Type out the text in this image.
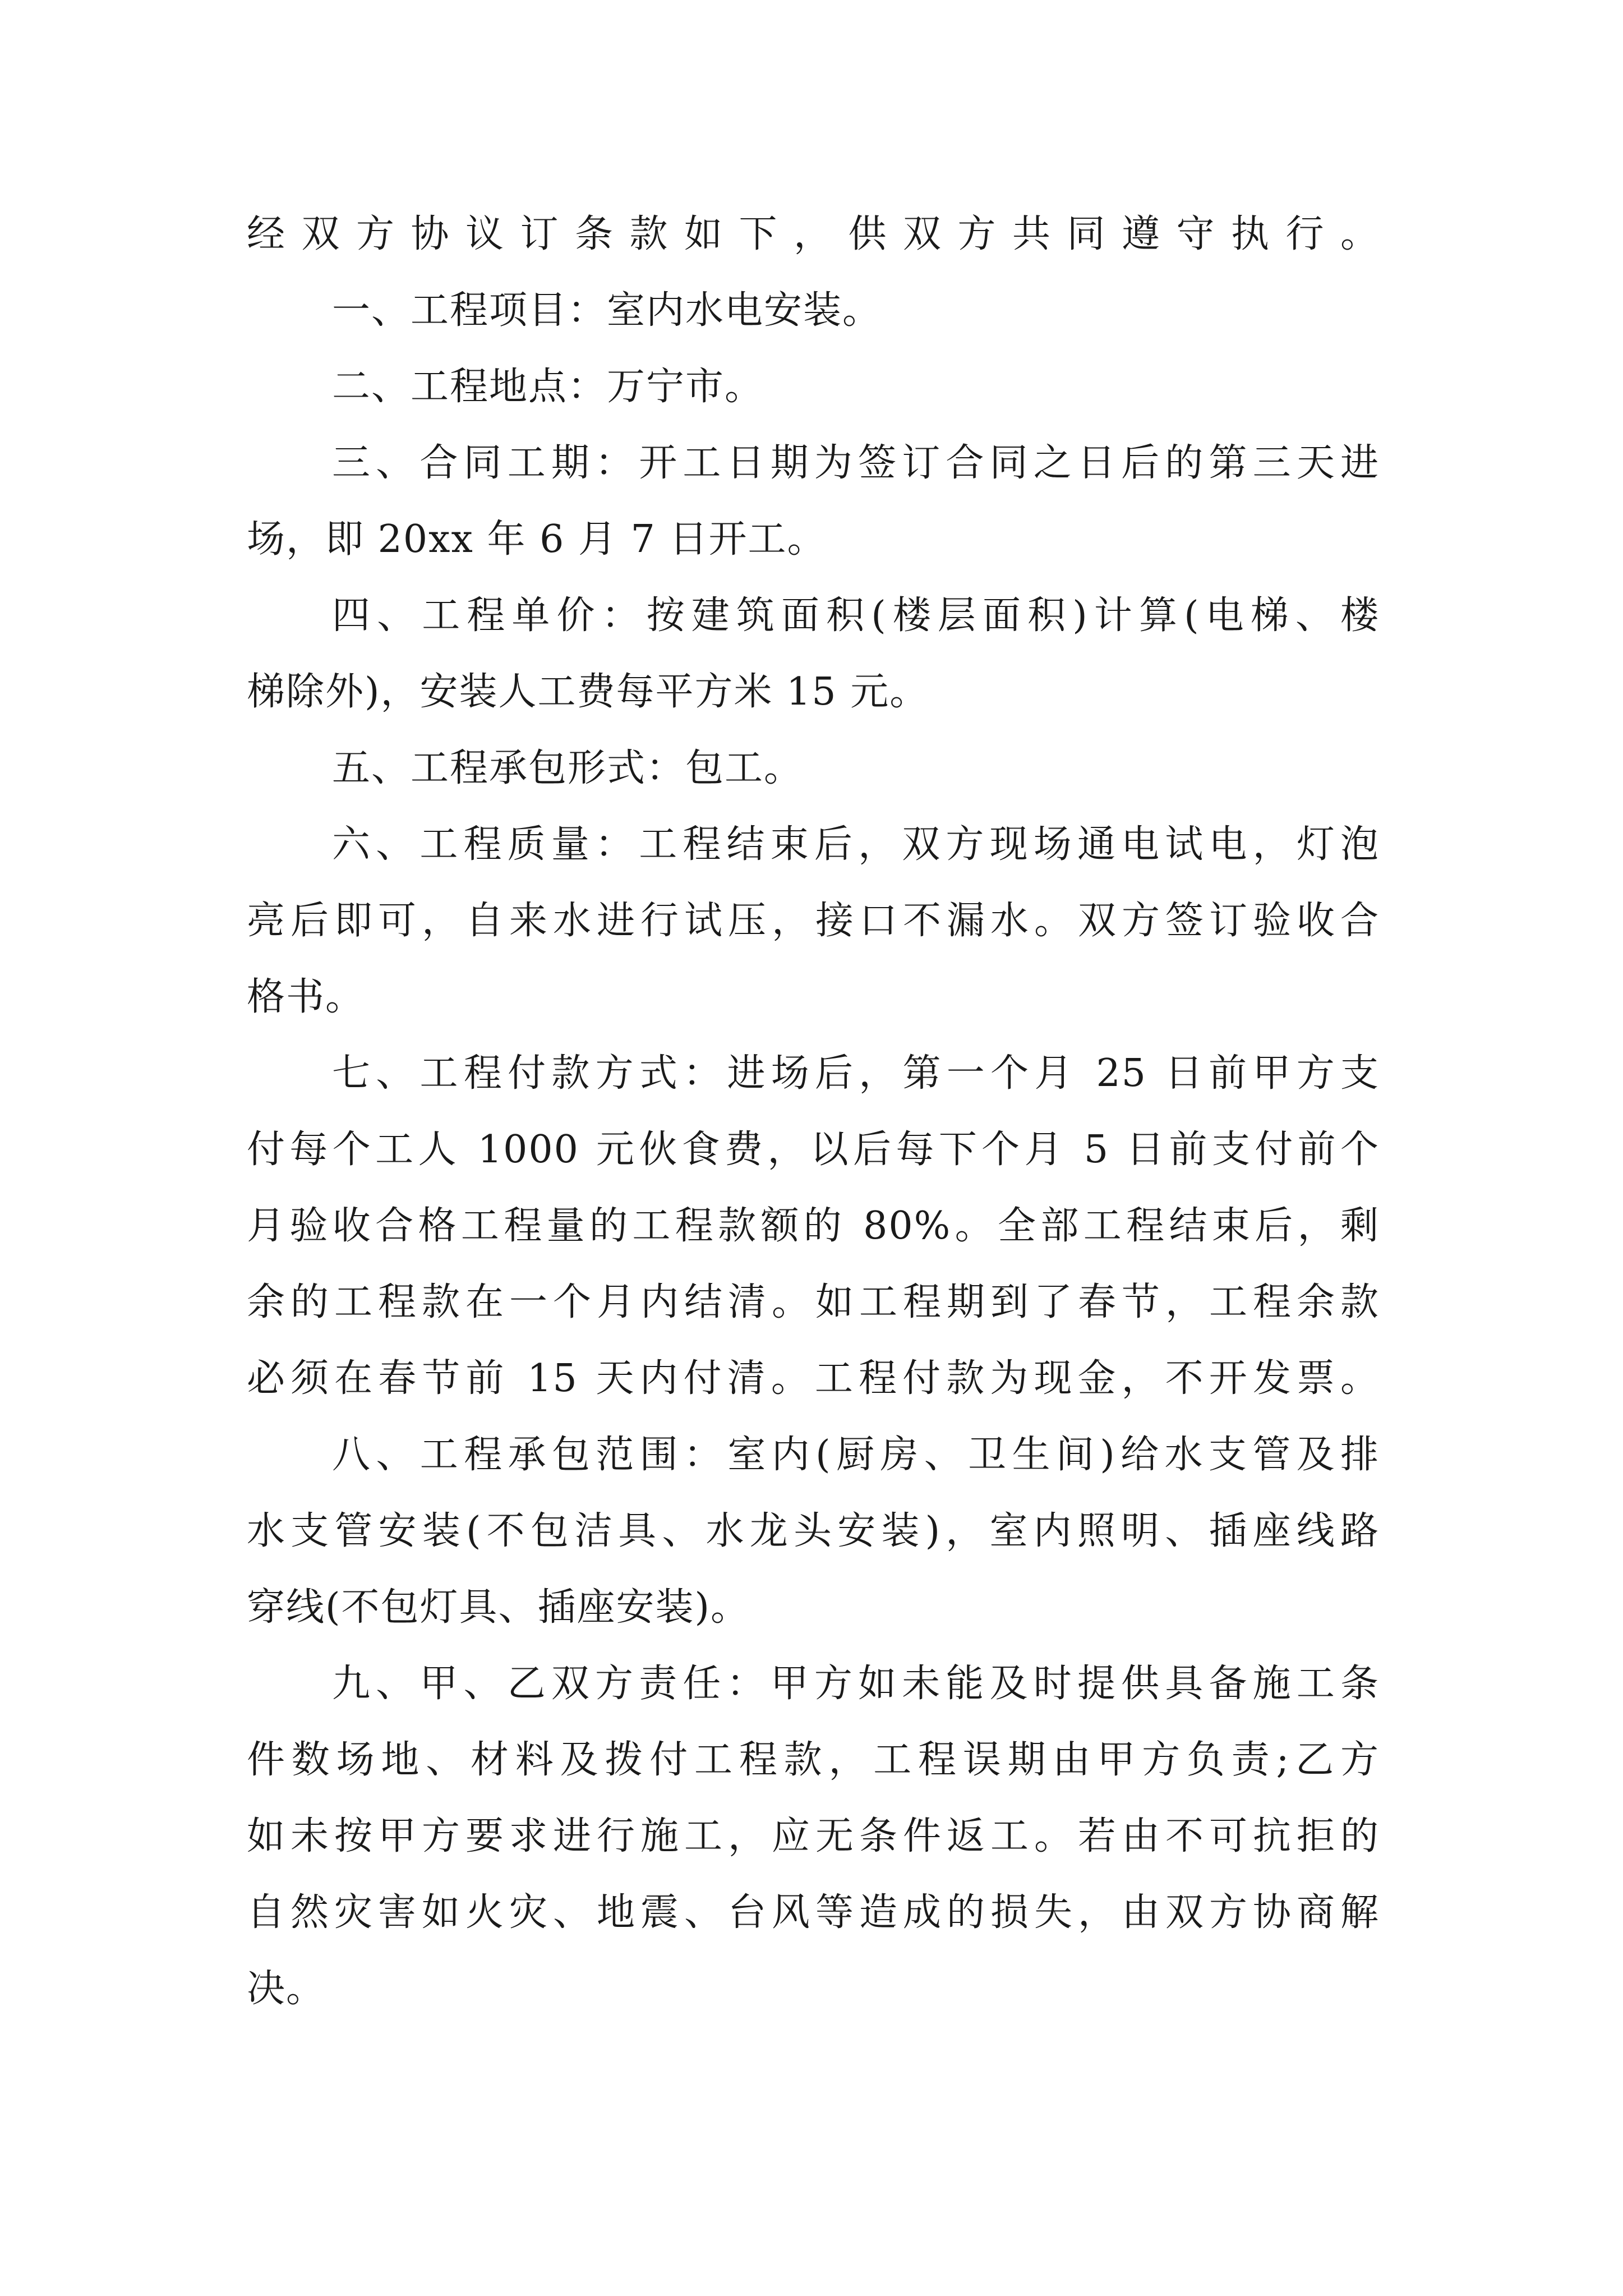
经双方协议订条款如下，供双方共同遵守执行。
一、工程项目：室内水电安装。
二、工程地点：万宁市。
三、合同工期：开工日期为签订合同之日后的第三天进
场，即 20xx 年 6 月 7 日开工。
四、工程单价：按建筑面积(楼层面积)计算(电梯、楼
梯除外)，安装人工费每平方米 15 元。
五、工程承包形式：包工。
六、工程质量：工程结束后，双方现场通电试电，灯泡
亮后即可，自来水进行试压，接口不漏水。双方签订验收合
格书。
七、工程付款方式：进场后，第一个月 25 日前甲方支
付每个工人 1000 元伙食费，以后每下个月 5 日前支付前个
月验收合格工程量的工程款额的 80%。全部工程结束后，剩
余的工程款在一个月内结清。如工程期到了春节，工程余款
必须在春节前 15 天内付清。工程付款为现金，不开发票。
八、工程承包范围：室内(厨房、卫生间)给水支管及排
水支管安装(不包洁具、水龙头安装)，室内照明、插座线路
穿线(不包灯具、插座安装)。
九、甲、乙双方责任：甲方如未能及时提供具备施工条
件数场地、材料及拨付工程款，工程误期由甲方负责;乙方
如未按甲方要求进行施工，应无条件返工。若由不可抗拒的
自然灾害如火灾、地震、台风等造成的损失，由双方协商解
决。
